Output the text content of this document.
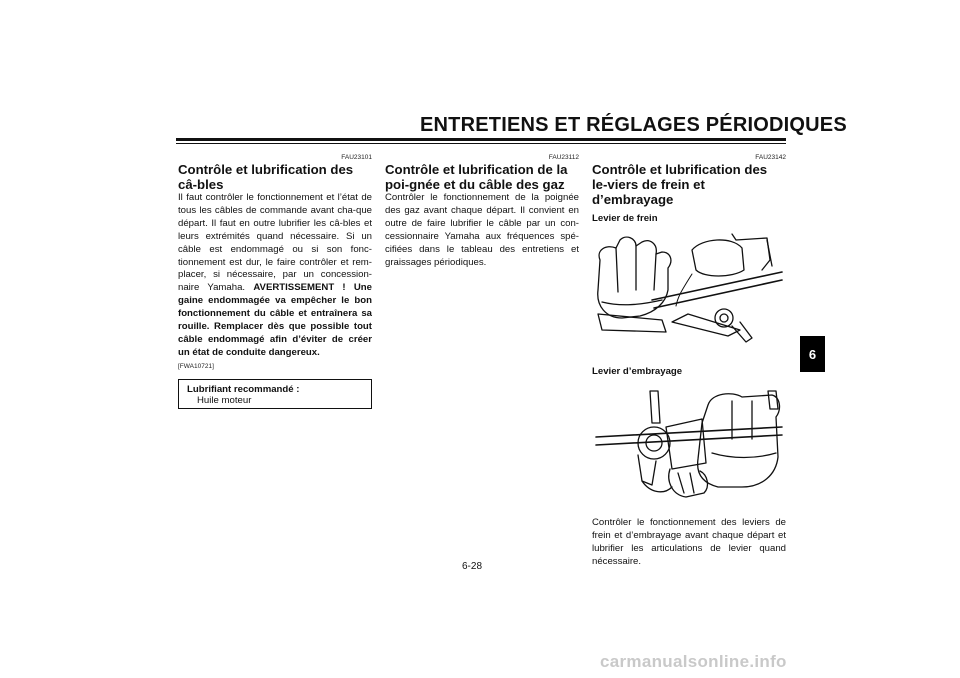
ENTRETIENS ET RÉGLAGES PÉRIODIQUES
FAU23101
Contrôle et lubrification des câ-bles

Il faut contrôler le fonctionnement et l’état de tous les câbles de commande avant cha-que départ. Il faut en outre lubrifier les câ-bles et leurs extrémités quand nécessaire. Si un câble est endommagé ou si son fonc-tionnement est dur, le faire contrôler et rem-placer, si nécessaire, par un concession-naire Yamaha. AVERTISSEMENT ! Une gaine endommagée va empêcher le bon fonctionnement du câble et entraînera sa rouille. Remplacer dès que possible tout câble endommagé afin d’éviter de créer un état de conduite dangereux.

[FWA10721]
Lubrifiant recommandé :
Huile moteur
FAU23112
Contrôle et lubrification de la poi-gnée et du câble des gaz

Contrôler le fonctionnement de la poignée des gaz avant chaque départ. Il convient en outre de faire lubrifier le câble par un con-cessionnaire Yamaha aux fréquences spé-cifiées dans le tableau des entretiens et graissages périodiques.

FAU23142
Contrôle et lubrification des le-viers de frein et d’embrayage
Levier de frein
Levier d’embrayage

Contrôler le fonctionnement des leviers de frein et d’embrayage avant chaque départ et lubrifier les articulations de levier quand nécessaire.

6
6-28
carmanualsonline.info
